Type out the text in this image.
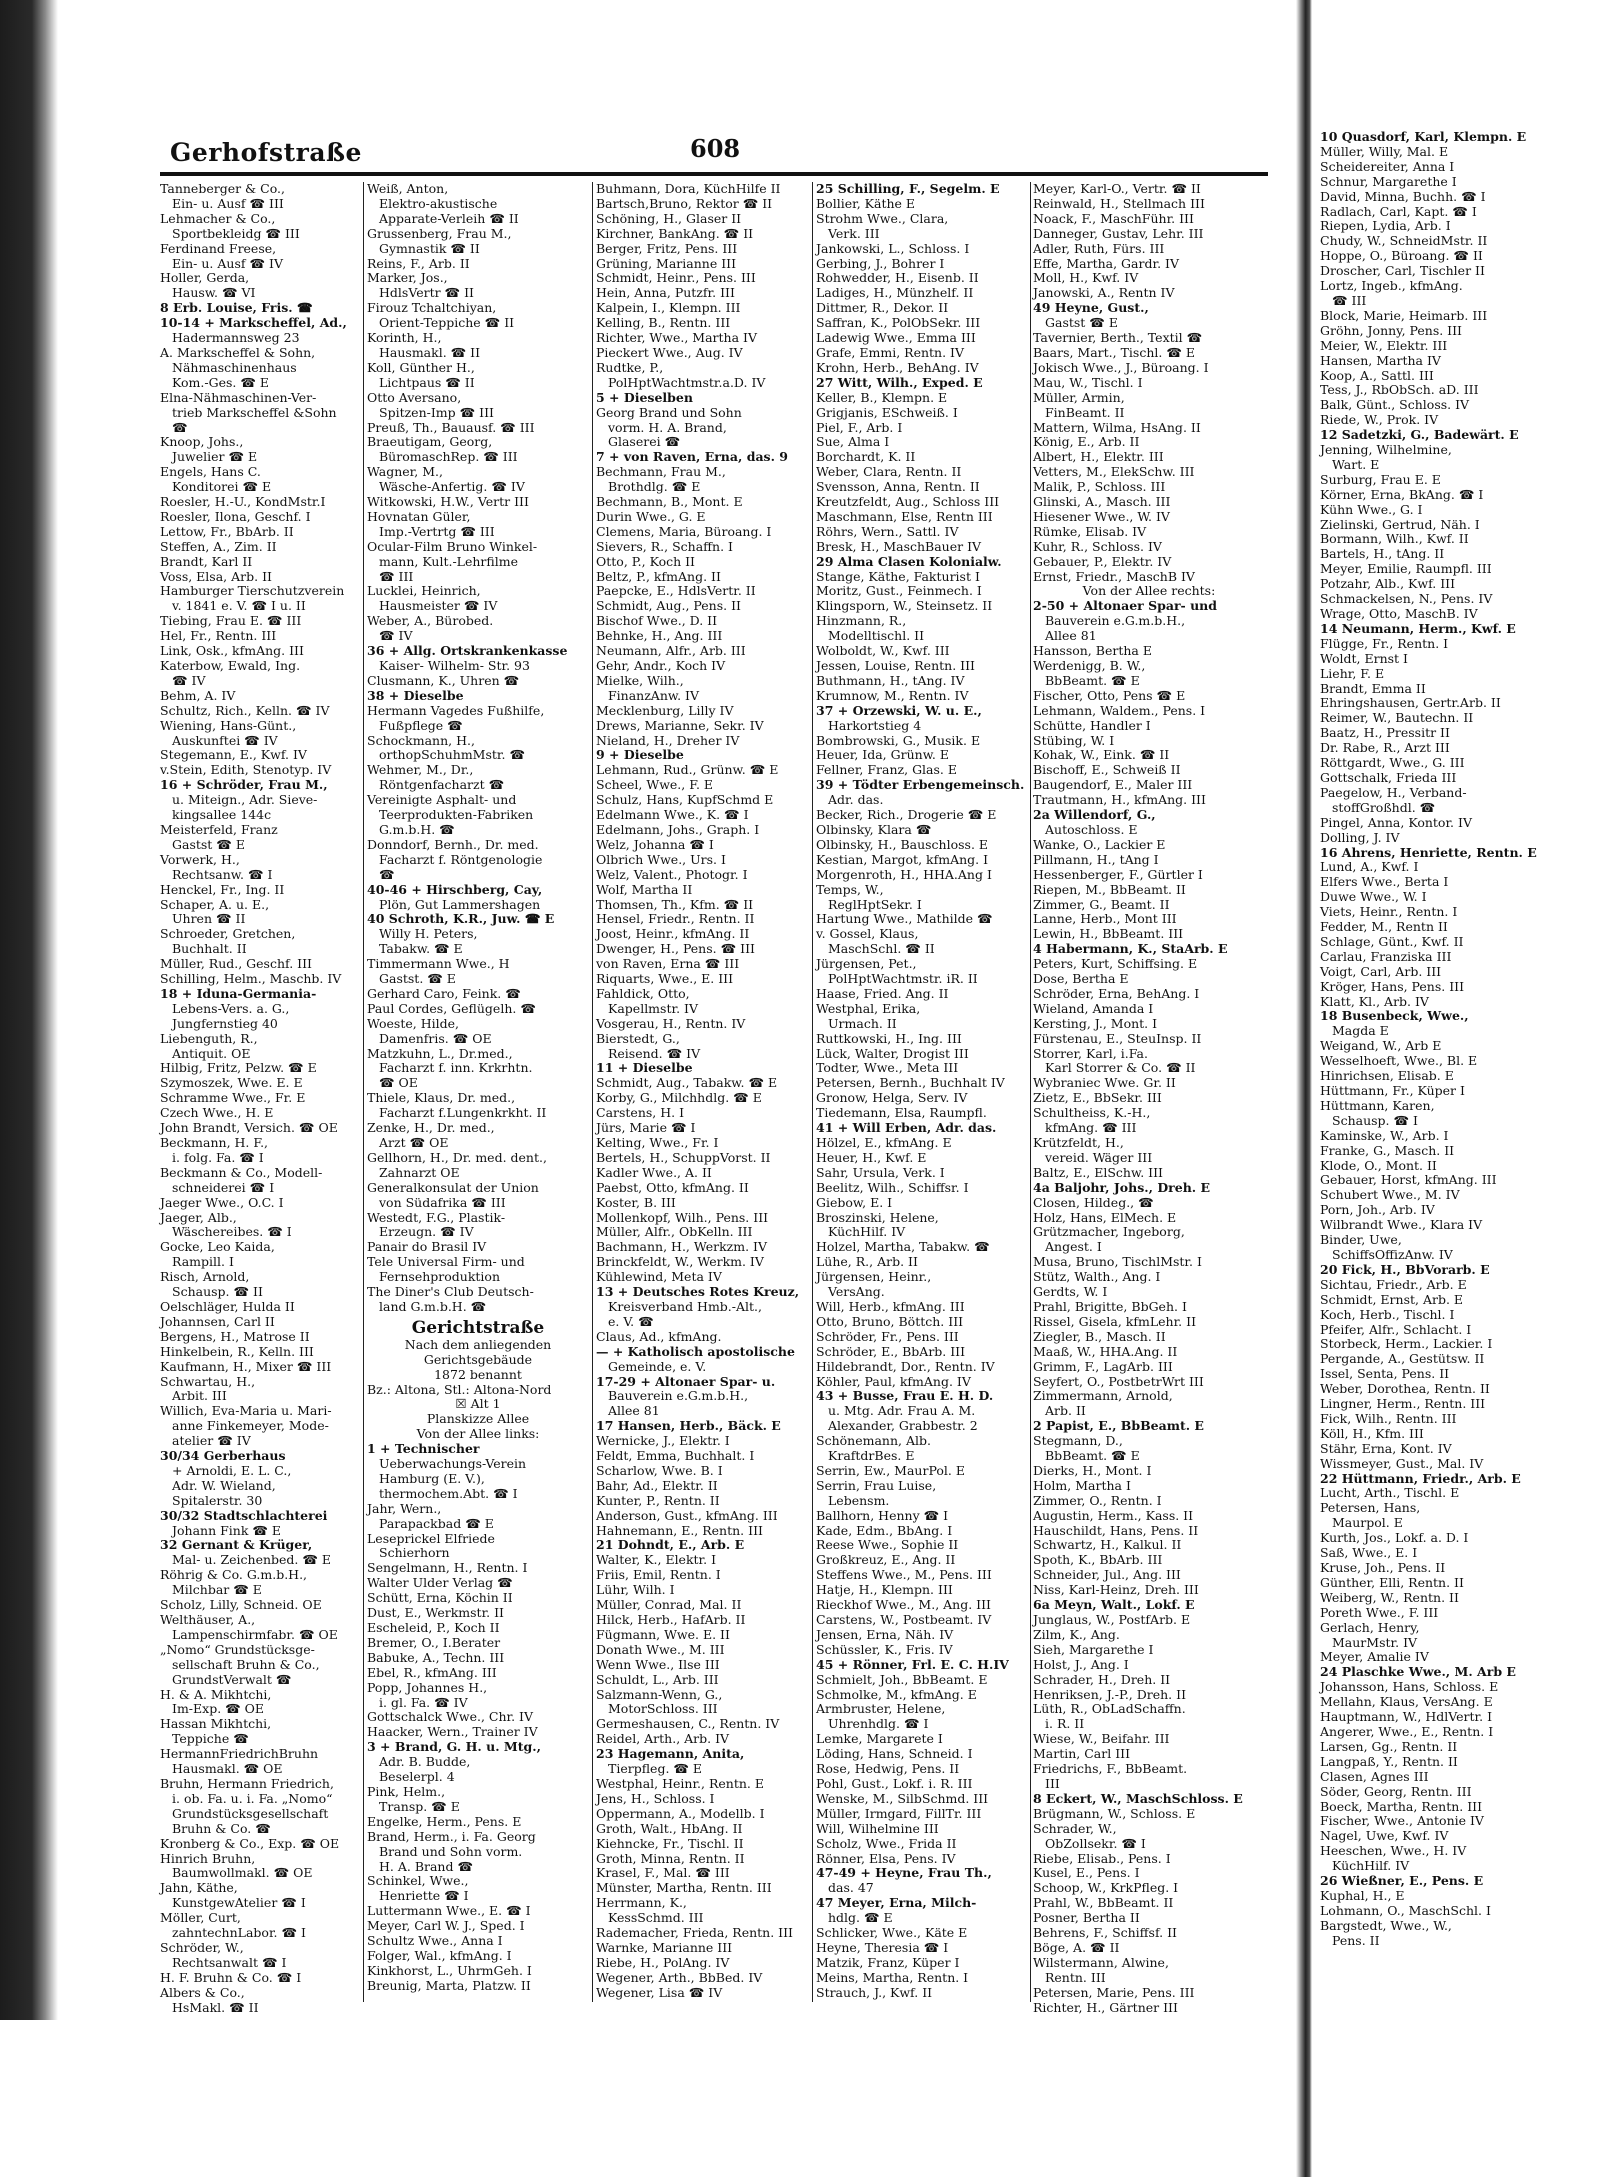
Gerhofstraße	608

Tanneberger & Co.,

Ein- u. Ausf ☎ III

Lehmacher & Co.,

Sportbekleidg ☎ III

Ferdinand Freese,

Ein- u. Ausf ☎ IV

Holler, Gerda,

Hausw. ☎ VI

8 Erb. Louise, Fris. ☎

10-14 + Markscheffel, Ad.,

Hadermannsweg 23

A. Markscheffel & Sohn,

Nähmaschinenhaus

Kom.-Ges. ☎ E

Elna-Nähmaschinen-Ver-

trieb Markscheffel &Sohn

☎

Knoop, Johs.,

Juwelier ☎ E

Engels, Hans C.

Konditorei ☎ E

Roesler, H.-U., KondMstr.I

Roesler, Ilona, Geschf. I

Lettow, Fr., BbArb. II

Steffen, A., Zim. II

Brandt, Karl II

Voss, Elsa, Arb. II

Hamburger Tierschutzverein

v. 1841 e. V. ☎ I u. II

Tiebing, Frau E. ☎ III

Hel, Fr., Rentn. III

Link, Osk., kfmAng. III

Katerbow, Ewald, Ing.

☎ IV

Behm, A. IV

Schultz, Rich., Kelln. ☎ IV

Wiening, Hans-Günt.,

Auskunftei ☎ IV

Stegemann, E., Kwf. IV

v.Stein, Edith, Stenotyp. IV

16 + Schröder, Frau M.,

u. Miteign., Adr. Sieve-

kingsallee 144c

Meisterfeld, Franz

Gastst ☎ E

Vorwerk, H.,

Rechtsanw. ☎ I

Henckel, Fr., Ing. II

Schaper, A. u. E.,

Uhren ☎ II

Schroeder, Gretchen,

Buchhalt. II

Müller, Rud., Geschf. III

Schilling, Helm., Maschb. IV

18 + Iduna-Germania-

Lebens-Vers. a. G.,

Jungfernstieg 40

Liebenguth, R.,

Antiquit. OE

Hilbig, Fritz, Pelzw. ☎ E

Szymoszek, Wwe. E. E

Schramme Wwe., Fr. E

Czech Wwe., H. E

John Brandt, Versich. ☎ OE

Beckmann, H. F.,

i. folg. Fa. ☎ I

Beckmann & Co., Modell-

schneiderei ☎ I

Jaeger Wwe., O.C. I

Jaeger, Alb.,

Wäschereibes. ☎ I

Gocke, Leo Kaida,

Rampill. I

Risch, Arnold,

Schausp. ☎ II

Oelschläger, Hulda II

Johannsen, Carl II

Bergens, H., Matrose II

Hinkelbein, R., Kelln. III

Kaufmann, H., Mixer ☎ III

Schwartau, H.,

Arbit. III

Willich, Eva-Maria u. Mari-

anne Finkemeyer, Mode-

atelier ☎ IV

30/34 Gerberhaus

+ Arnoldi, E. L. C.,

Adr. W. Wieland,

Spitalerstr. 30

30/32 Stadtschlachterei

Johann Fink ☎ E

32 Gernant & Krüger,

Mal- u. Zeichenbed. ☎ E

Röhrig & Co. G.m.b.H.,

Milchbar ☎ E

Scholz, Lilly, Schneid. OE

Welthäuser, A.,

Lampenschirmfabr. ☎ OE

„Nomo“ Grundstücksge-

sellschaft Bruhn & Co.,

GrundstVerwalt ☎

H. & A. Mikhtchi,

Im-Exp. ☎ OE

Hassan Mikhtchi,

Teppiche ☎

HermannFriedrichBruhn

Hausmakl. ☎ OE

Bruhn, Hermann Friedrich,

i. ob. Fa. u. i. Fa. „Nomo“

Grundstücksgesellschaft

Bruhn & Co. ☎

Kronberg & Co., Exp. ☎ OE

Hinrich Bruhn,

Baumwollmakl. ☎ OE

Jahn, Käthe,

KunstgewAtelier ☎ I

Möller, Curt,

zahntechnLabor. ☎ I

Schröder, W.,

Rechtsanwalt ☎ I

H. F. Bruhn & Co. ☎ I

Albers & Co.,

HsMakl. ☎ II

Weiß, Anton,

Elektro-akustische

Apparate-Verleih ☎ II

Grussenberg, Frau M.,

Gymnastik ☎ II

Reins, F., Arb. II

Marker, Jos.,

HdlsVertr ☎ II

Firouz Tchaltchiyan,

Orient-Teppiche ☎ II

Korinth, H.,

Hausmakl. ☎ II

Koll, Günther H.,

Lichtpaus ☎ II

Otto Aversano,

Spitzen-Imp ☎ III

Preuß, Th., Bauausf. ☎ III

Braeutigam, Georg,

BüromaschRep. ☎ III

Wagner, M.,

Wäsche-Anfertig. ☎ IV

Witkowski, H.W., Vertr III

Hovnatan Güler,

Imp.-Vertrtg ☎ III

Ocular-Film Bruno Winkel-

mann, Kult.-Lehrfilme

☎ III

Lucklei, Heinrich,

Hausmeister ☎ IV

Weber, A., Bürobed.

☎ IV

36 + Allg. Ortskrankenkasse

Kaiser- Wilhelm- Str. 93

Clusmann, K., Uhren ☎

38 + Dieselbe

Hermann Vagedes Fußhilfe,

Fußpflege ☎

Schockmann, H.,

orthopSchuhmMstr. ☎

Wehmer, M., Dr.,

Röntgenfacharzt ☎

Vereinigte Asphalt- und

Teerprodukten-Fabriken

G.m.b.H. ☎

Donndorf, Bernh., Dr. med.

Facharzt f. Röntgenologie

☎

40-46 + Hirschberg, Cay,

Plön, Gut Lammershagen

40 Schroth, K.R., Juw. ☎ E

Willy H. Peters,

Tabakw. ☎ E

Timmermann Wwe., H

Gastst. ☎ E

Gerhard Caro, Feink. ☎

Paul Cordes, Geflügelh. ☎

Woeste, Hilde,

Damenfris. ☎ OE

Matzkuhn, L., Dr.med.,

Facharzt f. inn. Krkrhtn.

☎ OE

Thiele, Klaus, Dr. med.,

Facharzt f.Lungenkrkht. II

Zenke, H., Dr. med.,

Arzt ☎ OE

Gellhorn, H., Dr. med. dent.,

Zahnarzt OE

Generalkonsulat der Union

von Südafrika ☎ III

Westedt, F.G., Plastik-

Erzeugn. ☎ IV

Panair do Brasil IV

Tele Universal Firm- und

Fernsehproduktion

The Diner's Club Deutsch-

land G.m.b.H. ☎

Gerichtstraße

Nach dem anliegenden

Gerichtsgebäude

1872 benannt

Bz.: Altona, Stl.: Altona-Nord

☒ Alt 1

Planskizze Allee

Von der Allee links:

1 + Technischer

Ueberwachungs-Verein

Hamburg (E. V.),

thermochem.Abt. ☎ I

Jahr, Wern.,

Parapackbad ☎ E

Leseprickel Elfriede

Schierhorn

Sengelmann, H., Rentn. I

Walter Ulder Verlag ☎

Schütt, Erna, Köchin II

Dust, E., Werkmstr. II

Escheleid, P., Koch II

Bremer, O., I.Berater

Babuke, A., Techn. III

Ebel, R., kfmAng. III

Popp, Johannes H.,

i. gl. Fa. ☎ IV

Gottschalck Wwe., Chr. IV

Haacker, Wern., Trainer IV

3 + Brand, G. H. u. Mtg.,

Adr. B. Budde,

Beselerpl. 4

Pink, Helm.,

Transp. ☎ E

Engelke, Herm., Pens. E

Brand, Herm., i. Fa. Georg

Brand und Sohn vorm.

H. A. Brand ☎

Schinkel, Wwe.,

Henriette ☎ I

Luttermann Wwe., E. ☎ I

Meyer, Carl W. J., Sped. I

Schultz Wwe., Anna I

Folger, Wal., kfmAng. I

Kinkhorst, L., UhrmGeh. I

Breunig, Marta, Platzw. II

Buhmann, Dora, KüchHilfe II

Bartsch,Bruno, Rektor ☎ II

Schöning, H., Glaser II

Kirchner, BankAng. ☎ II

Berger, Fritz, Pens. III

Grüning, Marianne III

Schmidt, Heinr., Pens. III

Hein, Anna, Putzfr. III

Kalpein, I., Klempn. III

Kelling, B., Rentn. III

Richter, Wwe., Martha IV

Pieckert Wwe., Aug. IV

Rudtke, P.,

PolHptWachtmstr.a.D. IV

5 + Dieselben

Georg Brand und Sohn

vorm. H. A. Brand,

Glaserei ☎

7 + von Raven, Erna, das. 9

Bechmann, Frau M.,

Brothdlg. ☎ E

Bechmann, B., Mont. E

Durin Wwe., G. E

Clemens, Maria, Büroang. I

Sievers, R., Schaffn. I

Otto, P., Koch II

Beltz, P., kfmAng. II

Paepcke, E., HdlsVertr. II

Schmidt, Aug., Pens. II

Bischof Wwe., D. II

Behnke, H., Ang. III

Neumann, Alfr., Arb. III

Gehr, Andr., Koch IV

Mielke, Wilh.,

FinanzAnw. IV

Mecklenburg, Lilly IV

Drews, Marianne, Sekr. IV

Nieland, H., Dreher IV

9 + Dieselbe

Lehmann, Rud., Grünw. ☎ E

Scheel, Wwe., F. E

Schulz, Hans, KupfSchmd E

Edelmann Wwe., K. ☎ I

Edelmann, Johs., Graph. I

Welz, Johanna ☎ I

Olbrich Wwe., Urs. I

Welz, Valent., Photogr. I

Wolf, Martha II

Thomsen, Th., Kfm. ☎ II

Hensel, Friedr., Rentn. II

Joost, Heinr., kfmAng. II

Dwenger, H., Pens. ☎ III

von Raven, Erna ☎ III

Riquarts, Wwe., E. III

Fahldick, Otto,

Kapellmstr. IV

Vosgerau, H., Rentn. IV

Bierstedt, G.,

Reisend. ☎ IV

11 + Dieselbe

Schmidt, Aug., Tabakw. ☎ E

Korby, G., Milchhdlg. ☎ E

Carstens, H. I

Jürs, Marie ☎ I

Kelting, Wwe., Fr. I

Bertels, H., SchuppVorst. II

Kadler Wwe., A. II

Paebst, Otto, kfmAng. II

Koster, B. III

Mollenkopf, Wilh., Pens. III

Müller, Alfr., ObKelln. III

Bachmann, H., Werkzm. IV

Brinckfeldt, W., Werkm. IV

Kühlewind, Meta IV

13 + Deutsches Rotes Kreuz,

Kreisverband Hmb.-Alt.,

e. V. ☎

Claus, Ad., kfmAng.

— + Katholisch apostolische

Gemeinde, e. V.

17-29 + Altonaer Spar- u.

Bauverein e.G.m.b.H.,

Allee 81

17 Hansen, Herb., Bäck. E

Wernicke, J., Elektr. I

Feldt, Emma, Buchhalt. I

Scharlow, Wwe. B. I

Bahr, Ad., Elektr. II

Kunter, P., Rentn. II

Anderson, Gust., kfmAng. III

Hahnemann, E., Rentn. III

21 Dohndt, E., Arb. E

Walter, K., Elektr. I

Friis, Emil, Rentn. I

Lühr, Wilh. I

Müller, Conrad, Mal. II

Hilck, Herb., HafArb. II

Fügmann, Wwe. E. II

Donath Wwe., M. III

Wenn Wwe., Ilse III

Schuldt, L., Arb. III

Salzmann-Wenn, G.,

MotorSchloss. III

Germeshausen, C., Rentn. IV

Reidel, Arth., Arb. IV

23 Hagemann, Anita,

Tierpfleg. ☎ E

Westphal, Heinr., Rentn. E

Jens, H., Schloss. I

Oppermann, A., Modellb. I

Groth, Walt., HbAng. II

Kiehncke, Fr., Tischl. II

Groth, Minna, Rentn. II

Krasel, F., Mal. ☎ III

Münster, Martha, Rentn. III

Herrmann, K.,

KessSchmd. III

Rademacher, Frieda, Rentn. III

Warnke, Marianne III

Riebe, H., PolAng. IV

Wegener, Arth., BbBed. IV

Wegener, Lisa ☎ IV

25 Schilling, F., Segelm. E

Bollier, Käthe E

Strohm Wwe., Clara,

Verk. III

Jankowski, L., Schloss. I

Gerbing, J., Bohrer I

Rohwedder, H., Eisenb. II

Ladiges, H., Münzhelf. II

Dittmer, R., Dekor. II

Saffran, K., PolObSekr. III

Ladewig Wwe., Emma III

Grafe, Emmi, Rentn. IV

Krohn, Herb., BehAng. IV

27 Witt, Wilh., Exped. E

Keller, B., Klempn. E

Grigjanis, ESchweiß. I

Piel, F., Arb. I

Sue, Alma I

Borchardt, K. II

Weber, Clara, Rentn. II

Svensson, Anna, Rentn. II

Kreutzfeldt, Aug., Schloss III

Maschmann, Else, Rentn III

Röhrs, Wern., Sattl. IV

Bresk, H., MaschBauer IV

29 Alma Clasen Kolonialw.

Stange, Käthe, Fakturist I

Moritz, Gust., Feinmech. I

Klingsporn, W., Steinsetz. II

Hinzmann, R.,

Modelltischl. II

Wolboldt, W., Kwf. III

Jessen, Louise, Rentn. III

Buthmann, H., tAng. IV

Krumnow, M., Rentn. IV

37 + Orzewski, W. u. E.,

Harkortstieg 4

Bombrowski, G., Musik. E

Heuer, Ida, Grünw. E

Fellner, Franz, Glas. E

39 + Tödter Erbengemeinsch.

Adr. das.

Becker, Rich., Drogerie ☎ E

Olbinsky, Klara ☎

Olbinsky, H., Bauschloss. E

Kestian, Margot, kfmAng. I

Morgenroth, H., HHA.Ang I

Temps, W.,

ReglHptSekr. I

Hartung Wwe., Mathilde ☎

v. Gossel, Klaus,

MaschSchl. ☎ II

Jürgensen, Pet.,

PolHptWachtmstr. iR. II

Haase, Fried. Ang. II

Westphal, Erika,

Urmach. II

Ruttkowski, H., Ing. III

Lück, Walter, Drogist III

Todter, Wwe., Meta III

Petersen, Bernh., Buchhalt IV

Gronow, Helga, Serv. IV

Tiedemann, Elsa, Raumpfl.

41 + Will Erben, Adr. das.

Hölzel, E., kfmAng. E

Heuer, H., Kwf. E

Sahr, Ursula, Verk. I

Beelitz, Wilh., Schiffsr. I

Giebow, E. I

Broszinski, Helene,

KüchHilf. IV

Holzel, Martha, Tabakw. ☎

Lühe, R., Arb. II

Jürgensen, Heinr.,

VersAng.

Will, Herb., kfmAng. III

Otto, Bruno, Böttch. III

Schröder, Fr., Pens. III

Schröder, E., BbArb. III

Hildebrandt, Dor., Rentn. IV

Köhler, Paul, kfmAng. IV

43 + Busse, Frau E. H. D.

u. Mtg. Adr. Frau A. M.

Alexander, Grabbestr. 2

Schönemann, Alb.

KraftdrBes. E

Serrin, Ew., MaurPol. E

Serrin, Frau Luise,

Lebensm.

Ballhorn, Henny ☎ I

Kade, Edm., BbAng. I

Reese Wwe., Sophie II

Großkreuz, E., Ang. II

Steffens Wwe., M., Pens. III

Hatje, H., Klempn. III

Rieckhof Wwe., M., Ang. III

Carstens, W., Postbeamt. IV

Jensen, Erna, Näh. IV

Schüssler, K., Fris. IV

45 + Rönner, Frl. E. C. H.IV

Schmielt, Joh., BbBeamt. E

Schmolke, M., kfmAng. E

Armbruster, Helene,

Uhrenhdlg. ☎ I

Lemke, Margarete I

Löding, Hans, Schneid. I

Rose, Hedwig, Pens. II

Pohl, Gust., Lokf. i. R. III

Wenske, M., SilbSchmd. III

Müller, Irmgard, FillTr. III

Will, Wilhelmine III

Scholz, Wwe., Frida II

Rönner, Elsa, Pens. IV

47-49 + Heyne, Frau Th.,

das. 47

47 Meyer, Erna, Milch-

hdlg. ☎ E

Schlicker, Wwe., Käte E

Heyne, Theresia ☎ I

Matzik, Franz, Küper I

Meins, Martha, Rentn. I

Strauch, J., Kwf. II

Meyer, Karl-O., Vertr. ☎ II

Reinwald, H., Stellmach III

Noack, F., MaschFühr. III

Danneger, Gustav, Lehr. III

Adler, Ruth, Fürs. III

Effe, Martha, Gardr. IV

Moll, H., Kwf. IV

Janowski, A., Rentn IV

49 Heyne, Gust.,

Gastst ☎ E

Tavernier, Berth., Textil ☎

Baars, Mart., Tischl. ☎ E

Jokisch Wwe., J., Büroang. I

Mau, W., Tischl. I

Müller, Armin,

FinBeamt. II

Mattern, Wilma, HsAng. II

König, E., Arb. II

Albert, H., Elektr. III

Vetters, M., ElekSchw. III

Malik, P., Schloss. III

Glinski, A., Masch. III

Hiesener Wwe., W. IV

Rümke, Elisab. IV

Kuhr, R., Schloss. IV

Gebauer, P., Elektr. IV

Ernst, Friedr., MaschB IV

Von der Allee rechts:

2-50 + Altonaer Spar- und

Bauverein e.G.m.b.H.,

Allee 81

Hansson, Bertha E

Werdenigg, B. W.,

BbBeamt. ☎ E

Fischer, Otto, Pens ☎ E

Lehmann, Waldem., Pens. I

Schütte, Handler I

Stübing, W. I

Kohak, W., Eink. ☎ II

Bischoff, E., Schweiß II

Baugendorf, E., Maler III

Trautmann, H., kfmAng. III

2a Willendorf, G.,

Autoschloss. E

Wanke, O., Lackier E

Pillmann, H., tAng I

Hessenberger, F., Gürtler I

Riepen, M., BbBeamt. II

Zimmer, G., Beamt. II

Lanne, Herb., Mont III

Lewin, H., BbBeamt. III

4 Habermann, K., StaArb. E

Peters, Kurt, Schiffsing. E

Dose, Bertha E

Schröder, Erna, BehAng. I

Wieland, Amanda I

Kersting, J., Mont. I

Fürstenau, E., SteuInsp. II

Storrer, Karl, i.Fa.

Karl Storrer & Co. ☎ II

Wybraniec Wwe. Gr. II

Zietz, E., BbSekr. III

Schultheiss, K.-H.,

kfmAng. ☎ III

Krützfeldt, H.,

vereid. Wäger III

Baltz, E., ElSchw. III

4a Baljohr, Johs., Dreh. E

Closen, Hildeg., ☎

Holz, Hans, ElMech. E

Grützmacher, Ingeborg,

Angest. I

Musa, Bruno, TischlMstr. I

Stütz, Walth., Ang. I

Gerdts, W. I

Prahl, Brigitte, BbGeh. I

Rissel, Gisela, kfmLehr. II

Ziegler, B., Masch. II

Maaß, W., HHA.Ang. II

Grimm, F., LagArb. III

Seyfert, O., PostbetrWrt III

Zimmermann, Arnold,

Arb. II

2 Papist, E., BbBeamt. E

Stegmann, D.,

BbBeamt. ☎ E

Dierks, H., Mont. I

Holm, Martha I

Zimmer, O., Rentn. I

Augustin, Herm., Kass. II

Hauschildt, Hans, Pens. II

Schwartz, H., Kalkul. II

Spoth, K., BbArb. III

Schneider, Jul., Ang. III

Niss, Karl-Heinz, Dreh. III

6a Meyn, Walt., Lokf. E

Junglaus, W., PostfArb. E

Zilm, K., Ang.

Sieh, Margarethe I

Holst, J., Ang. I

Schrader, H., Dreh. II

Henriksen, J.-P., Dreh. II

Lüth, R., ObLadSchaffn.

i. R. II

Wiese, W., Beifahr. III

Martin, Carl III

Friedrichs, F., BbBeamt.

III

8 Eckert, W., MaschSchloss. E

Brügmann, W., Schloss. E

Schrader, W.,

ObZollsekr. ☎ I

Riebe, Elisab., Pens. I

Kusel, E., Pens. I

Schoop, W., KrkPfleg. I

Prahl, W., BbBeamt. II

Posner, Bertha II

Behrens, F., Schiffsf. II

Böge, A. ☎ II

Wilstermann, Alwine,

Rentn. III

Petersen, Marie, Pens. III

Richter, H., Gärtner III

10 Quasdorf, Karl, Klempn. E

Müller, Willy, Mal. E

Scheidereiter, Anna I

Schnur, Margarethe I

David, Minna, Buchh. ☎ I

Radlach, Carl, Kapt. ☎ I

Riepen, Lydia, Arb. I

Chudy, W., SchneidMstr. II

Hoppe, O., Büroang. ☎ II

Droscher, Carl, Tischler II

Lortz, Ingeb., kfmAng.

☎ III

Block, Marie, Heimarb. III

Gröhn, Jonny, Pens. III

Meier, W., Elektr. III

Hansen, Martha IV

Koop, A., Sattl. III

Tess, J., RbObSch. aD. III

Balk, Günt., Schloss. IV

Riede, W., Prok. IV

12 Sadetzki, G., Badewärt. E

Jenning, Wilhelmine,

Wart. E

Surburg, Frau E. E

Körner, Erna, BkAng. ☎ I

Kühn Wwe., G. I

Zielinski, Gertrud, Näh. I

Bormann, Wilh., Kwf. II

Bartels, H., tAng. II

Meyer, Emilie, Raumpfl. III

Potzahr, Alb., Kwf. III

Schmackelsen, N., Pens. IV

Wrage, Otto, MaschB. IV

14 Neumann, Herm., Kwf. E

Flügge, Fr., Rentn. I

Woldt, Ernst I

Liehr, F. E

Brandt, Emma II

Ehringshausen, Gertr.Arb. II

Reimer, W., Bautechn. II

Baatz, H., Pressitr II

Dr. Rabe, R., Arzt III

Röttgardt, Wwe., G. III

Gottschalk, Frieda III

Paegelow, H., Verband-

stoffGroßhdl. ☎

Pingel, Anna, Kontor. IV

Dolling, J. IV

16 Ahrens, Henriette, Rentn. E

Lund, A., Kwf. I

Elfers Wwe., Berta I

Duwe Wwe., W. I

Viets, Heinr., Rentn. I

Fedder, M., Rentn II

Schlage, Günt., Kwf. II

Carlau, Franziska III

Voigt, Carl, Arb. III

Kröger, Hans, Pens. III

Klatt, Kl., Arb. IV

18 Busenbeck, Wwe.,

Magda E

Weigand, W., Arb E

Wesselhoeft, Wwe., Bl. E

Hinrichsen, Elisab. E

Hüttmann, Fr., Küper I

Hüttmann, Karen,

Schausp. ☎ I

Kaminske, W., Arb. I

Franke, G., Masch. II

Klode, O., Mont. II

Gebauer, Horst, kfmAng. III

Schubert Wwe., M. IV

Porn, Joh., Arb. IV

Wilbrandt Wwe., Klara IV

Binder, Uwe,

SchiffsOffizAnw. IV

20 Fick, H., BbVorarb. E

Sichtau, Friedr., Arb. E

Schmidt, Ernst, Arb. E

Koch, Herb., Tischl. I

Pfeifer, Alfr., Schlacht. I

Storbeck, Herm., Lackier. I

Pergande, A., Gestütsw. II

Issel, Senta, Pens. II

Weber, Dorothea, Rentn. II

Lingner, Herm., Rentn. III

Fick, Wilh., Rentn. III

Köll, H., Kfm. III

Stähr, Erna, Kont. IV

Wissmeyer, Gust., Mal. IV

22 Hüttmann, Friedr., Arb. E

Lucht, Arth., Tischl. E

Petersen, Hans,

Maurpol. E

Kurth, Jos., Lokf. a. D. I

Saß, Wwe., E. I

Kruse, Joh., Pens. II

Günther, Elli, Rentn. II

Weiberg, W., Rentn. II

Poreth Wwe., F. III

Gerlach, Henry,

MaurMstr. IV

Meyer, Amalie IV

24 Plaschke Wwe., M. Arb E

Johansson, Hans, Schloss. E

Mellahn, Klaus, VersAng. E

Hauptmann, W., HdlVertr. I

Angerer, Wwe., E., Rentn. I

Larsen, Gg., Rentn. II

Langpaß, Y., Rentn. II

Clasen, Agnes III

Söder, Georg, Rentn. III

Boeck, Martha, Rentn. III

Fischer, Wwe., Antonie IV

Nagel, Uwe, Kwf. IV

Heeschen, Wwe., H. IV

KüchHilf. IV

26 Wießner, E., Pens. E

Kuphal, H., E

Lohmann, O., MaschSchl. I

Bargstedt, Wwe., W.,

Pens. II
